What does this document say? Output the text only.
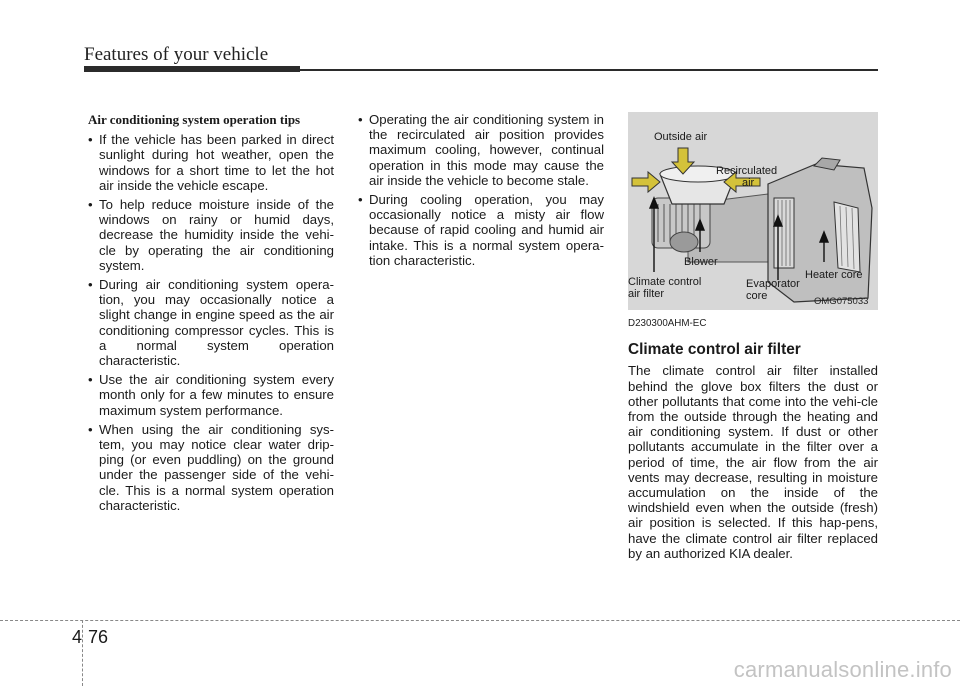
Features of your vehicle
Air conditioning system operation tips
• If the vehicle has been parked in direct sunlight during hot weather, open the windows for a short time to let the hot air inside the vehicle escape.
• To help reduce moisture inside of the windows on rainy or humid days, decrease the humidity inside the vehi-cle by operating the air conditioning system.
• During air conditioning system opera-tion, you may occasionally notice a slight change in engine speed as the air conditioning compressor cycles. This is a normal system operation characteristic.
• Use the air conditioning system every month only for a few minutes to ensure maximum system performance.
• When using the air conditioning sys-tem, you may notice clear water drip-ping (or even puddling) on the ground under the passenger side of the vehi-cle. This is a normal system operation characteristic.
• Operating the air conditioning system in the recirculated air position provides maximum cooling, however, continual operation in this mode may cause the air inside the vehicle to become stale.
• During cooling operation, you may occasionally notice a misty air flow because of rapid cooling and humid air intake. This is a normal system opera-tion characteristic.
Outside air
Recirculated
air
Blower
Climate control
air filter
Evaporator
core
Heater core
OMG075033
D230300AHM-EC
Climate control air filter

The climate control air filter installed behind the glove box filters the dust or other pollutants that come into the vehi-cle from the outside through the heating and air conditioning system. If dust or other pollutants accumulate in the filter over a period of time, the air flow from the air vents may decrease, resulting in moisture accumulation on the inside of the windshield even when the outside (fresh) air position is selected. If this hap-pens, have the climate control air filter replaced by an authorized KIA dealer.

4 76
carmanualsonline.info
